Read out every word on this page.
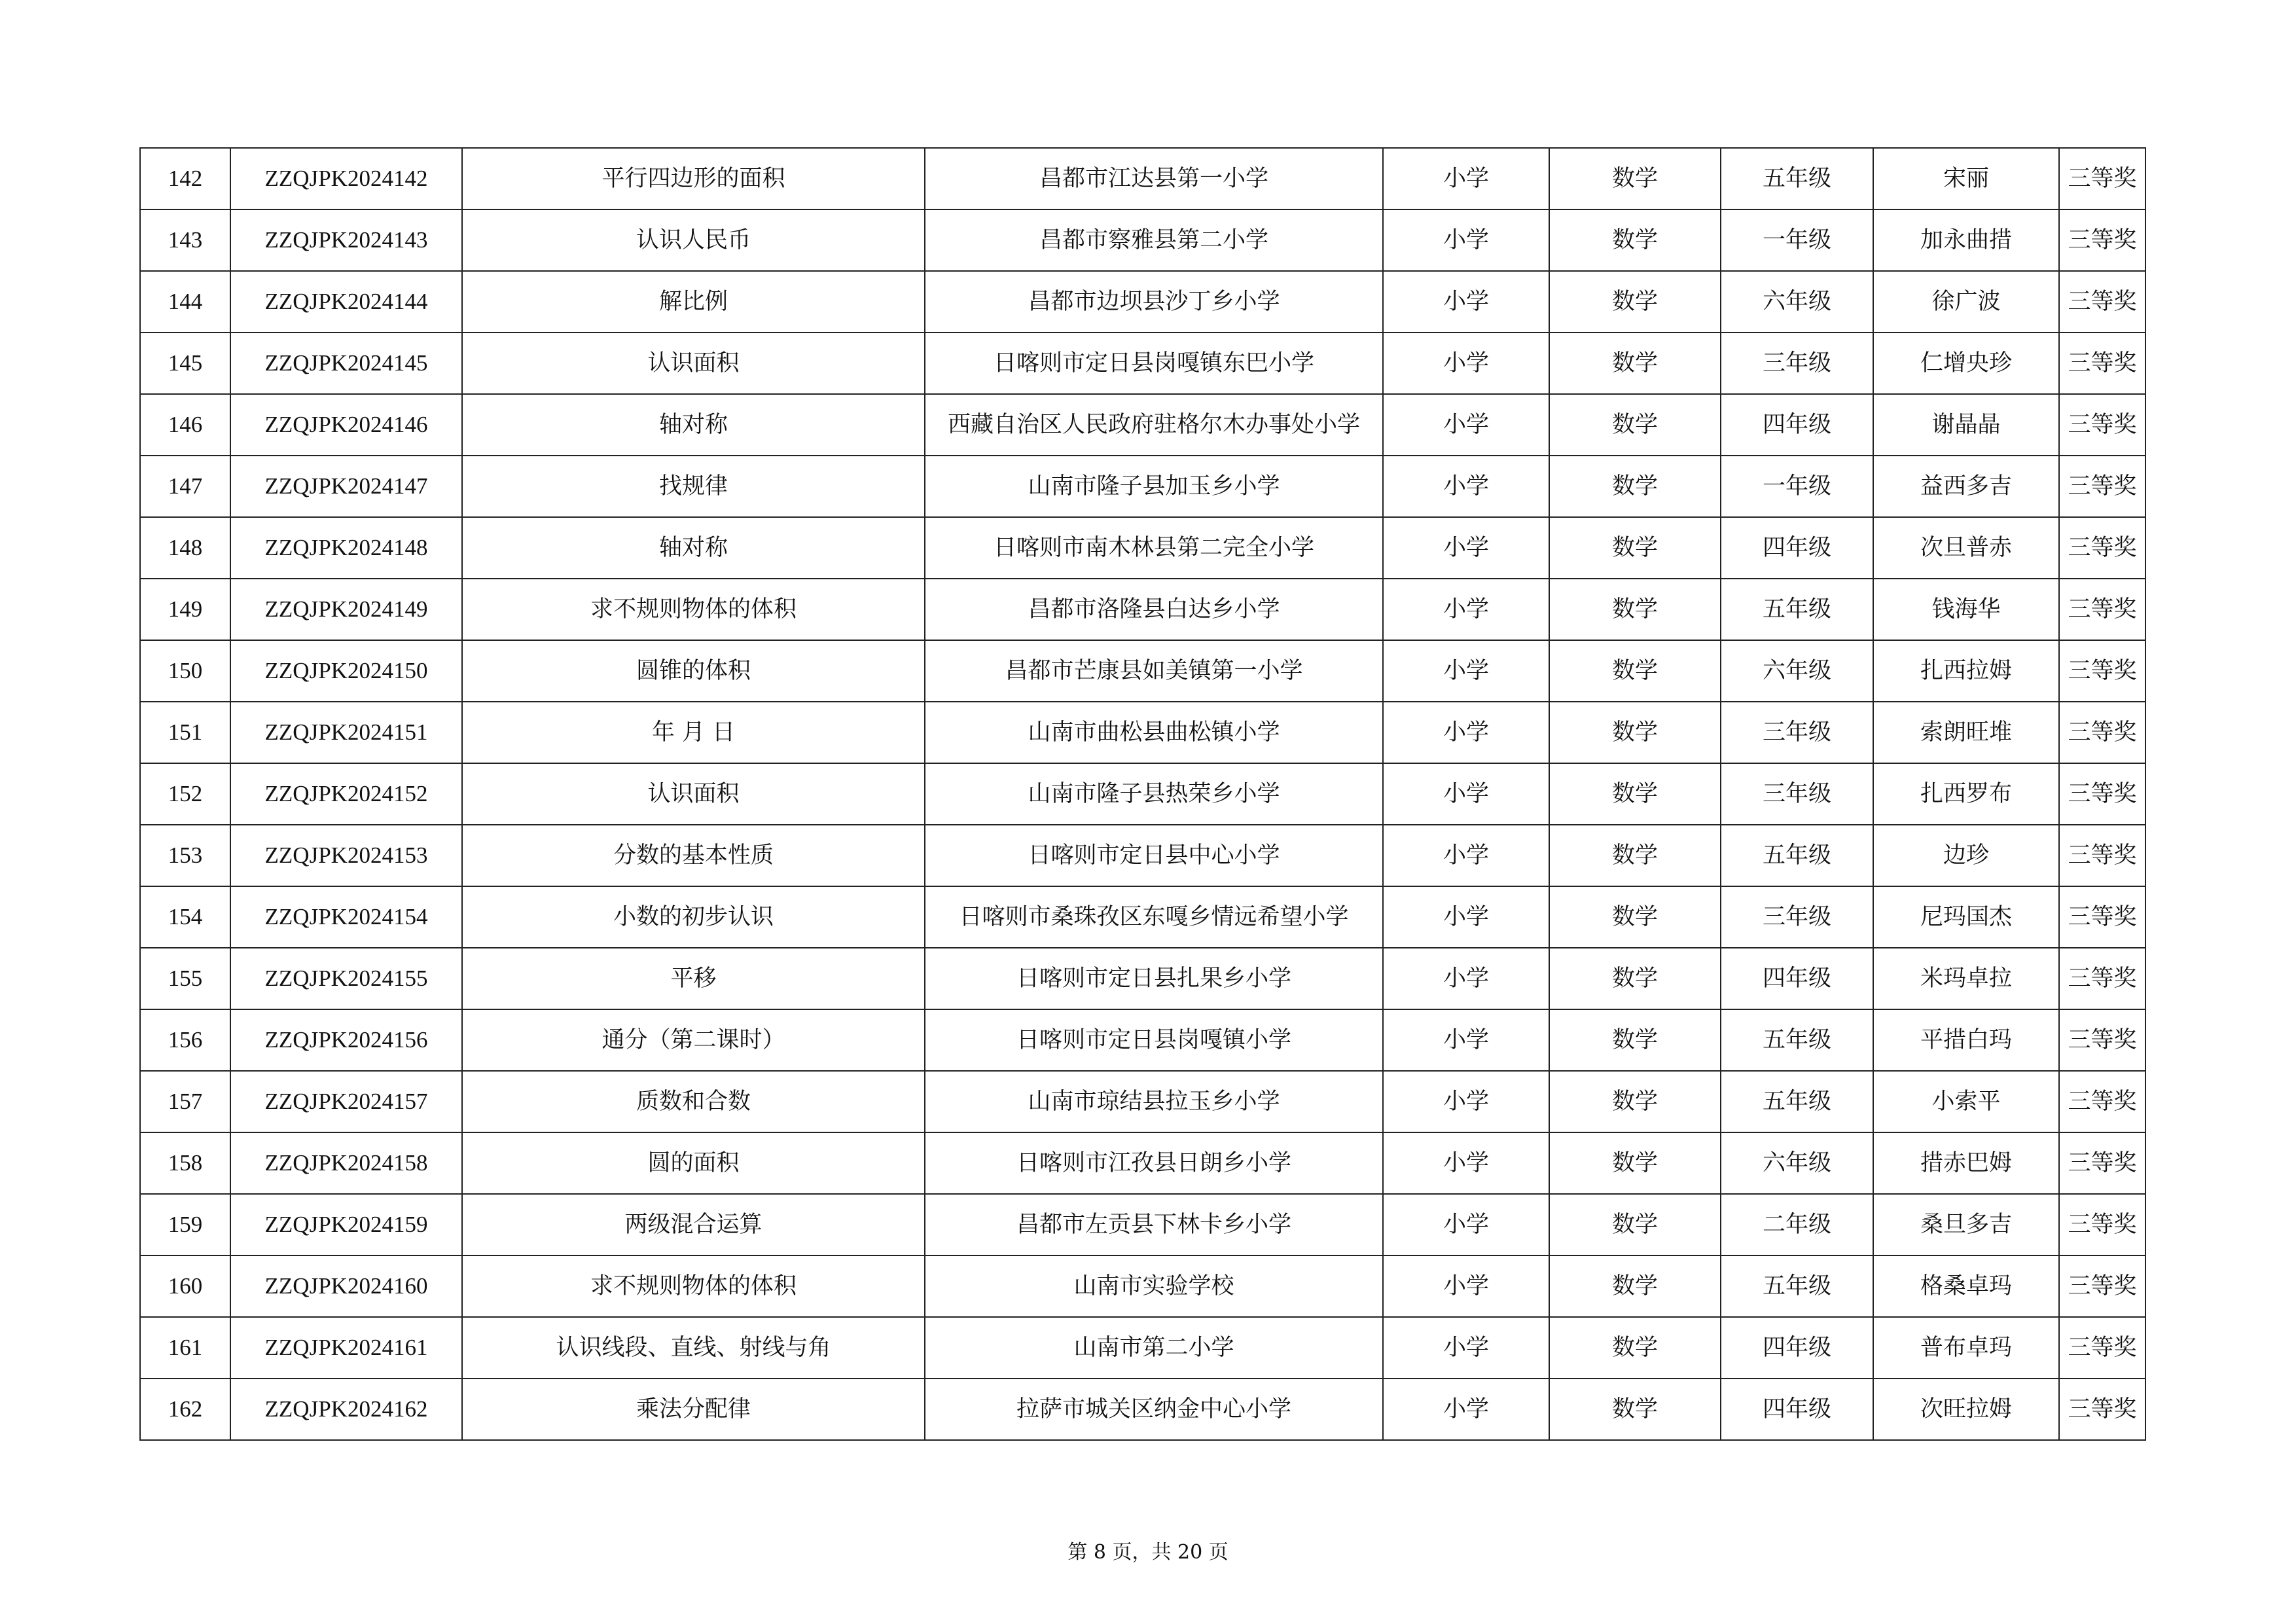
142	ZZQJPK2024142	平行四边形的面积	昌都市江达县第一小学	小学	数学	五年级	宋丽	三等奖
143	ZZQJPK2024143	认识人民币	昌都市察雅县第二小学	小学	数学	一年级	加永曲措	三等奖
144	ZZQJPK2024144	解比例	昌都市边坝县沙丁乡小学	小学	数学	六年级	徐广波	三等奖
145	ZZQJPK2024145	认识面积	日喀则市定日县岗嘎镇东巴小学	小学	数学	三年级	仁增央珍	三等奖
146	ZZQJPK2024146	轴对称	西藏自治区人民政府驻格尔木办事处小学	小学	数学	四年级	谢晶晶	三等奖
147	ZZQJPK2024147	找规律	山南市隆子县加玉乡小学	小学	数学	一年级	益西多吉	三等奖
148	ZZQJPK2024148	轴对称	日喀则市南木林县第二完全小学	小学	数学	四年级	次旦普赤	三等奖
149	ZZQJPK2024149	求不规则物体的体积	昌都市洛隆县白达乡小学	小学	数学	五年级	钱海华	三等奖
150	ZZQJPK2024150	圆锥的体积	昌都市芒康县如美镇第一小学	小学	数学	六年级	扎西拉姆	三等奖
151	ZZQJPK2024151	年 月 日	山南市曲松县曲松镇小学	小学	数学	三年级	索朗旺堆	三等奖
152	ZZQJPK2024152	认识面积	山南市隆子县热荣乡小学	小学	数学	三年级	扎西罗布	三等奖
153	ZZQJPK2024153	分数的基本性质	日喀则市定日县中心小学	小学	数学	五年级	边珍	三等奖
154	ZZQJPK2024154	小数的初步认识	日喀则市桑珠孜区东嘎乡情远希望小学	小学	数学	三年级	尼玛国杰	三等奖
155	ZZQJPK2024155	平移	日喀则市定日县扎果乡小学	小学	数学	四年级	米玛卓拉	三等奖
156	ZZQJPK2024156	通分（第二课时）	日喀则市定日县岗嘎镇小学	小学	数学	五年级	平措白玛	三等奖
157	ZZQJPK2024157	质数和合数	山南市琼结县拉玉乡小学	小学	数学	五年级	小索平	三等奖
158	ZZQJPK2024158	圆的面积	日喀则市江孜县日朗乡小学	小学	数学	六年级	措赤巴姆	三等奖
159	ZZQJPK2024159	两级混合运算	昌都市左贡县下林卡乡小学	小学	数学	二年级	桑旦多吉	三等奖
160	ZZQJPK2024160	求不规则物体的体积	山南市实验学校	小学	数学	五年级	格桑卓玛	三等奖
161	ZZQJPK2024161	认识线段、直线、射线与角	山南市第二小学	小学	数学	四年级	普布卓玛	三等奖
162	ZZQJPK2024162	乘法分配律	拉萨市城关区纳金中心小学	小学	数学	四年级	次旺拉姆	三等奖
第 8 页，共 20 页
